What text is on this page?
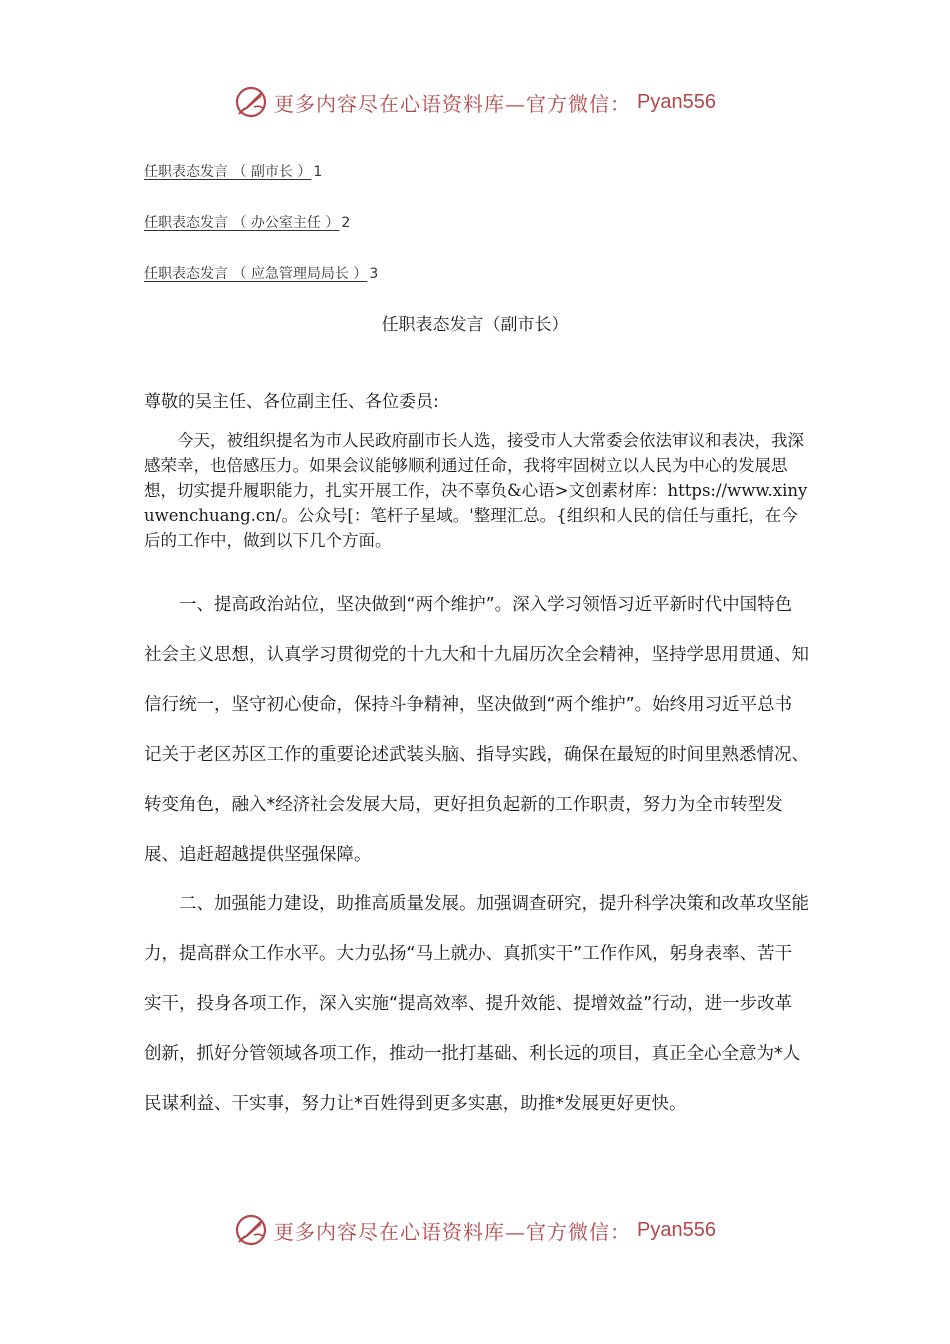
更多内容尽在心语资料库—官方微信： Pyan556
任职表态发言 （ 副市长 ） 1
任职表态发言 （ 办公室主任 ） 2
任职表态发言 （ 应急管理局局长 ） 3
任职表态发言（副市长）
尊敬的吴主任、各位副主任、各位委员:

今天，被组织提名为市人民政府副市长人选，接受市人大常委会依法审议和表决，我深感荣幸，也倍感压力。如果会议能够顺利通过任命，我将牢固树立以人民为中心的发展思想，切实提升履职能力，扎实开展工作，决不辜负&心语>文创素材库：https://www.xinyuwenchuang.cn/。公众号[：笔杆子星域。'整理汇总。{组织和人民的信任与重托，在今后的工作中，做到以下几个方面。

一、提高政治站位，坚决做到“两个维护”。深入学习领悟习近平新时代中国特色社会主义思想，认真学习贯彻党的十九大和十九届历次全会精神，坚持学思用贯通、知信行统一，坚守初心使命，保持斗争精神，坚决做到“两个维护”。始终用习近平总书记关于老区苏区工作的重要论述武装头脑、指导实践，确保在最短的时间里熟悉情况、转变角色，融入*经济社会发展大局，更好担负起新的工作职责，努力为全市转型发展、追赶超越提供坚强保障。

二、加强能力建设，助推高质量发展。加强调查研究，提升科学决策和改革攻坚能力，提高群众工作水平。大力弘扬“马上就办、真抓实干”工作作风，躬身表率、苦干实干，投身各项工作，深入实施“提高效率、提升效能、提增效益”行动，进一步改革创新，抓好分管领域各项工作，推动一批打基础、利长远的项目，真正全心全意为*人民谋利益、干实事，努力让*百姓得到更多实惠，助推*发展更好更快。

更多内容尽在心语资料库—官方微信： Pyan556
